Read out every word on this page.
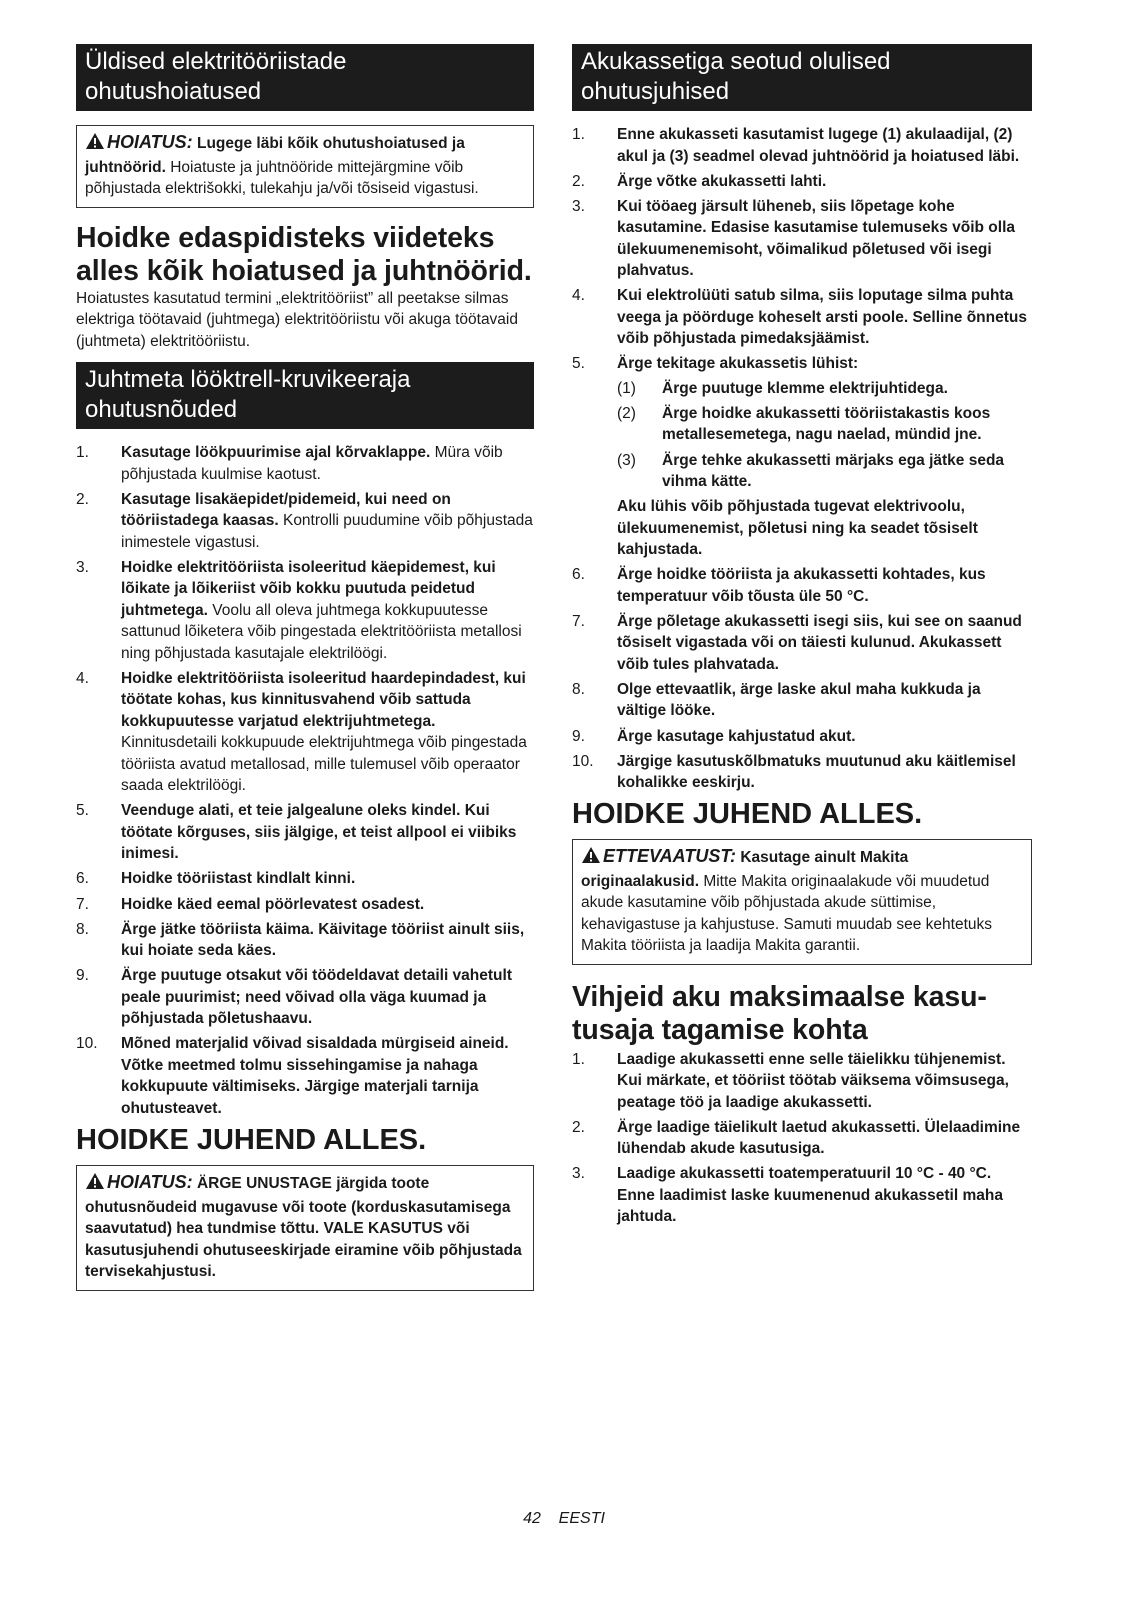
Üldised elektritööriistade ohutushoiatused
HOIATUS: Lugege läbi kõik ohutushoiatused ja juhtnöörid. Hoiatuste ja juhtnööride mittejärgmine võib põhjustada elektrišokki, tulekahju ja/või tõsiseid vigastusi.
Hoidke edaspidisteks viideteks alles kõik hoiatused ja juhtnöörid.

Hoiatustes kasutatud termini „elektritööriist” all peetakse silmas elektriga töötavaid (juhtmega) elektritööriistu või akuga töötavaid (juhtmeta) elektritööriistu.

Juhtmeta lööktrell-kruvikeeraja ohutusnõuded
1. Kasutage löökpuurimise ajal kõrvaklappe. Müra võib põhjustada kuulmise kaotust.
2. Kasutage lisakäepidet/pidemeid, kui need on tööriistadega kaasas. Kontrolli puudumine võib põhjustada inimestele vigastusi.
3. Hoidke elektritööriista isoleeritud käepidemest, kui lõikate ja lõikeriist võib kokku puutuda peidetud juhtmetega. Voolu all oleva juhtmega kokkupuutesse sattunud lõiketera võib pingestada elektritööriista metallosi ning põhjustada kasutajale elektrilöögi.
4. Hoidke elektritööriista isoleeritud haardepindadest, kui töötate kohas, kus kinnitusvahend võib sattuda kokkupuutesse varjatud elektrijuhtmetega. Kinnitusdetaili kokkupuude elektrijuhtmega võib pingestada tööriista avatud metallosad, mille tulemusel võib operaator saada elektrilöögi.
5. Veenduge alati, et teie jalgealune oleks kindel. Kui töötate kõrguses, siis jälgige, et teist allpool ei viibiks inimesi.
6. Hoidke tööriistast kindlalt kinni.
7. Hoidke käed eemal pöörlevatest osadest.
8. Ärge jätke tööriista käima. Käivitage tööriist ainult siis, kui hoiate seda käes.
9. Ärge puutuge otsakut või töödeldavat detaili vahetult peale puurimist; need võivad olla väga kuumad ja põhjustada põletushaavu.
10. Mõned materjalid võivad sisaldada mürgiseid aineid. Võtke meetmed tolmu sissehingamise ja nahaga kokkupuute vältimiseks. Järgige materjali tarnija ohutusteavet.
HOIDKE JUHEND ALLES.
HOIATUS: ÄRGE UNUSTAGE järgida toote ohutusnõudeid mugavuse või toote (korduskasutamisega saavutatud) hea tundmise tõttu. VALE KASUTUS või kasutusjuhendi ohutuseeskirjade eiramine võib põhjustada tervisekahjustusi.
Akukassetiga seotud olulised ohutusjuhised
1. Enne akukasseti kasutamist lugege (1) akulaadijal, (2) akul ja (3) seadmel olevad juhtnöörid ja hoiatused läbi.
2. Ärge võtke akukassetti lahti.
3. Kui tööaeg järsult lüheneb, siis lõpetage kohe kasutamine. Edasise kasutamise tulemuseks võib olla ülekuumenemisoht, võimalikud põletused või isegi plahvatus.
4. Kui elektrolüüti satub silma, siis loputage silma puhta veega ja pöörduge koheselt arsti poole. Selline õnnetus võib põhjustada pimedaksjäämist.
5. Ärge tekitage akukassetis lühist:
(1) Ärge puutuge klemme elektrijuhtidega.
(2) Ärge hoidke akukassetti tööriistakastis koos metallesemetega, nagu naelad, mündid jne.
(3) Ärge tehke akukassetti märjaks ega jätke seda vihma kätte.
Aku lühis võib põhjustada tugevat elektrivoolu, ülekuumenemist, põletusi ning ka seadet tõsiselt kahjustada.
6. Ärge hoidke tööriista ja akukassetti kohtades, kus temperatuur võib tõusta üle 50 °C.
7. Ärge põletage akukassetti isegi siis, kui see on saanud tõsiselt vigastada või on täiesti kulunud. Akukassett võib tules plahvatada.
8. Olge ettevaatlik, ärge laske akul maha kukkuda ja vältige lööke.
9. Ärge kasutage kahjustatud akut.
10. Järgige kasutuskõlbmatuks muutunud aku käitlemisel kohalikke eeskirju.
HOIDKE JUHEND ALLES.
ETTEVAATUST: Kasutage ainult Makita originaalakusid. Mitte Makita originaalakude või muudetud akude kasutamine võib põhjustada akude süttimise, kehavigastuse ja kahjustuse. Samuti muudab see kehtetuks Makita tööriista ja laadija Makita garantii.
Vihjeid aku maksimaalse kasutusaja tagamise kohta
1. Laadige akukassetti enne selle täielikku tühjenemist. Kui märkate, et tööriist töötab väiksema võimsusega, peatage töö ja laadige akukassetti.
2. Ärge laadige täielikult laetud akukassetti. Ülelaadimine lühendab akude kasutusiga.
3. Laadige akukassetti toatemperatuuril 10 °C - 40 °C. Enne laadimist laske kuumenenud akukassetil maha jahtuda.
42 EESTI
